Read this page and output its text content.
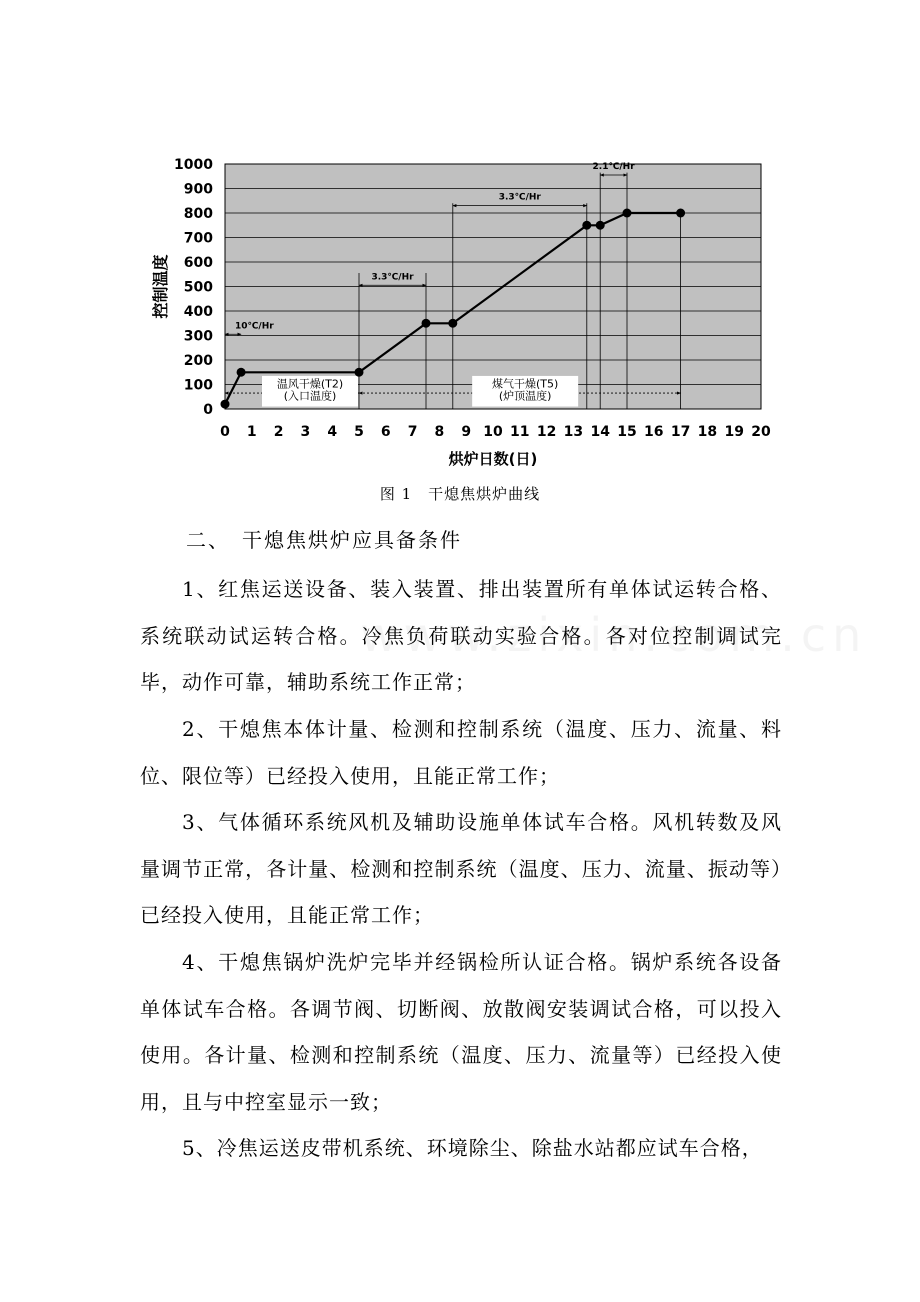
0
100
200
300
400
500
600
700
800
900
1000
0 1 2 3 4 5 6 7 8 9 10 11 12 13 14 15 16 17 18 19 20
控制温度
烘炉日数(日)
10℃/Hr
3.3℃/Hr
3.3℃/Hr
2.1℃/Hr
温风干燥(T2)
(入口温度)
煤气干燥(T5)
(炉顶温度)
图 1　干熄焦烘炉曲线
二、　干熄焦烘炉应具备条件
1、红焦运送设备、装入装置、排出装置所有单体试运转合格、系统联动试运转合格。冷焦负荷联动实验合格。各对位控制调试完毕，动作可靠，辅助系统工作正常；
2、干熄焦本体计量、检测和控制系统（温度、压力、流量、料位、限位等）已经投入使用，且能正常工作；
3、气体循环系统风机及辅助设施单体试车合格。风机转数及风量调节正常，各计量、检测和控制系统（温度、压力、流量、振动等）已经投入使用，且能正常工作；
4、干熄焦锅炉洗炉完毕并经锅检所认证合格。锅炉系统各设备单体试车合格。各调节阀、切断阀、放散阀安装调试合格，可以投入使用。各计量、检测和控制系统（温度、压力、流量等）已经投入使用，且与中控室显示一致；
5、冷焦运送皮带机系统、环境除尘、除盐水站都应试车合格，
